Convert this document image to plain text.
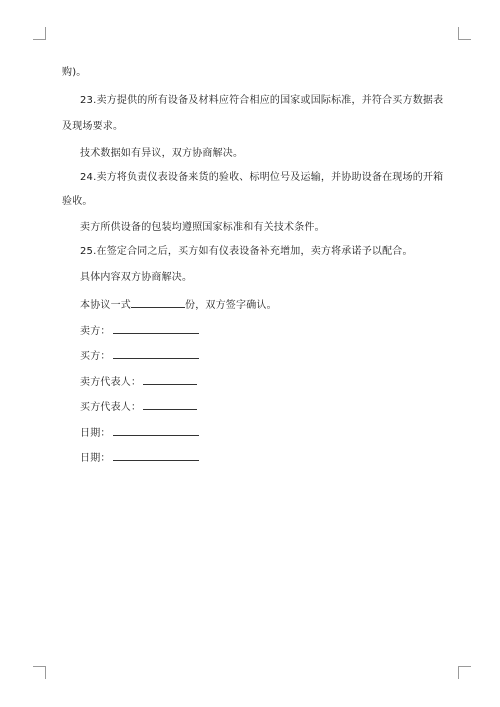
购)。
23.卖方提供的所有设备及材料应符合相应的国家或国际标准，并符合买方数据表
及现场要求。
技术数据如有异议，双方协商解决。
24.卖方将负责仪表设备来货的验收、标明位号及运输，并协助设备在现场的开箱
验收。
卖方所供设备的包装均遵照国家标准和有关技术条件。
25.在签定合同之后，买方如有仪表设备补充增加，卖方将承诺予以配合。
具体内容双方协商解决。
本协议一式	份，双方签字确认。
卖方：
买方：
卖方代表人：
买方代表人：
日期：
日期：
